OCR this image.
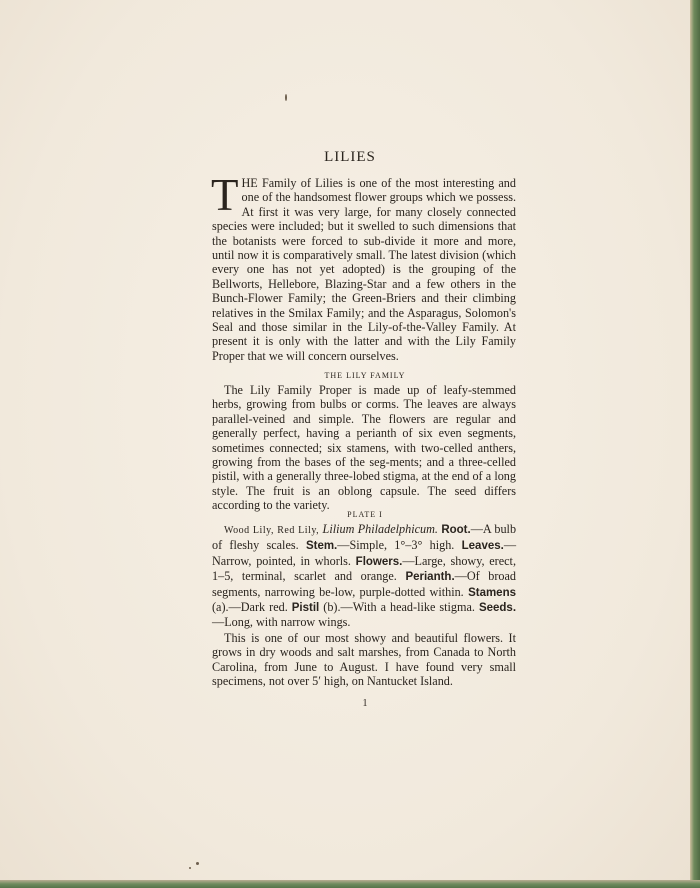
LILIES

THE Family of Lilies is one of the most interesting and one of the handsomest flower groups which we possess. At first it was very large, for many closely connected species were included; but it swelled to such dimensions that the botanists were forced to sub-divide it more and more, until now it is comparatively small. The latest division (which every one has not yet adopted) is the grouping of the Bellworts, Hellebore, Blazing-Star and a few others in the Bunch-Flower Family; the Green-Briers and their climbing relatives in the Smilax Family; and the Asparagus, Solomon's Seal and those similar in the Lily-of-the-Valley Family. At present it is only with the latter and with the Lily Family Proper that we will concern ourselves.

THE LILY FAMILY

The Lily Family Proper is made up of leafy-stemmed herbs, growing from bulbs or corms. The leaves are always parallel-veined and simple. The flowers are regular and generally perfect, having a perianth of six even segments, sometimes connected; six stamens, with two-celled anthers, growing from the bases of the seg-ments; and a three-celled pistil, with a generally three-lobed stigma, at the end of a long style. The fruit is an oblong capsule. The seed differs according to the variety.

PLATE I

Wood Lily, Red Lily, Lilium Philadelphicum. Root.—A bulb of fleshy scales. Stem.—Simple, 1°–3° high. Leaves.—Narrow, pointed, in whorls. Flowers.—Large, showy, erect, 1–5, terminal, scarlet and orange. Perianth.—Of broad segments, narrowing be-low, purple-dotted within. Stamens (a).—Dark red. Pistil (b).—With a head-like stigma. Seeds.—Long, with narrow wings.

This is one of our most showy and beautiful flowers. It grows in dry woods and salt marshes, from Canada to North Carolina, from June to August. I have found very small specimens, not over 5′ high, on Nantucket Island.

1
